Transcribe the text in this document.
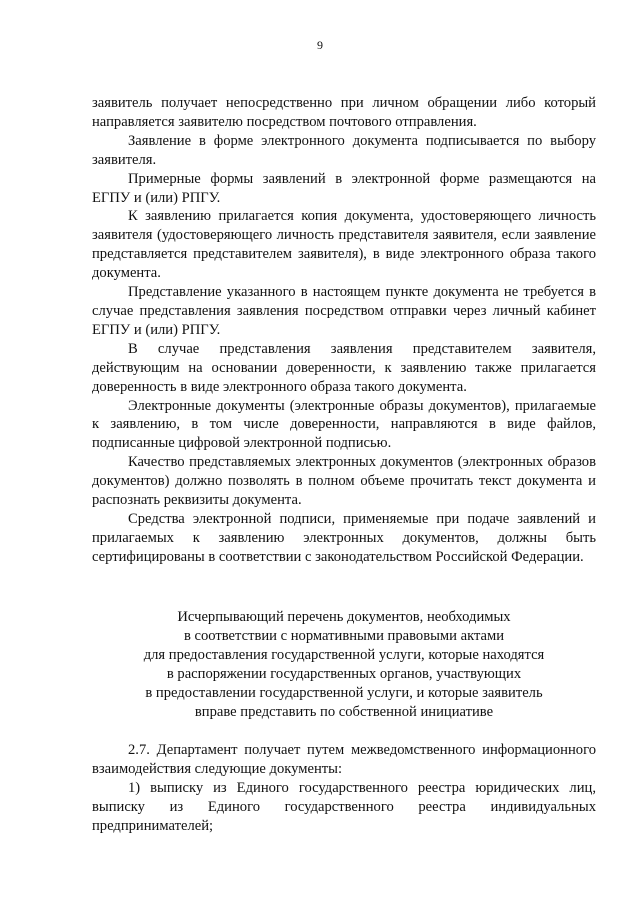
9

заявитель получает непосредственно при личном обращении либо который направляется заявителю посредством почтового отправления.

Заявление в форме электронного документа подписывается по выбору заявителя.

Примерные формы заявлений в электронной форме размещаются на ЕГПУ и (или) РПГУ.

К заявлению прилагается копия документа, удостоверяющего личность заявителя (удостоверяющего личность представителя заявителя, если заявление представляется представителем заявителя), в виде электронного образа такого документа.

Представление указанного в настоящем пункте документа не требуется в случае представления заявления посредством отправки через личный кабинет ЕГПУ и (или) РПГУ.

В случае представления заявления представителем заявителя, действующим на основании доверенности, к заявлению также прилагается доверенность в виде электронного образа такого документа.

Электронные документы (электронные образы документов), прилагаемые к заявлению, в том числе доверенности, направляются в виде файлов, подписанные цифровой электронной подписью.

Качество представляемых электронных документов (электронных образов документов) должно позволять в полном объеме прочитать текст документа и распознать реквизиты документа.

Средства электронной подписи, применяемые при подаче заявлений и прилагаемых к заявлению электронных документов, должны быть сертифицированы в соответствии с законодательством Российской Федерации.

Исчерпывающий перечень документов, необходимых
в соответствии с нормативными правовыми актами
для предоставления государственной услуги, которые находятся
в распоряжении государственных органов, участвующих
в предоставлении государственной услуги, и которые заявитель
вправе представить по собственной инициативе

2.7. Департамент получает путем межведомственного информационного взаимодействия следующие документы:

1) выписку из Единого государственного реестра юридических лиц, выписку из Единого государственного реестра индивидуальных предпринимателей;
